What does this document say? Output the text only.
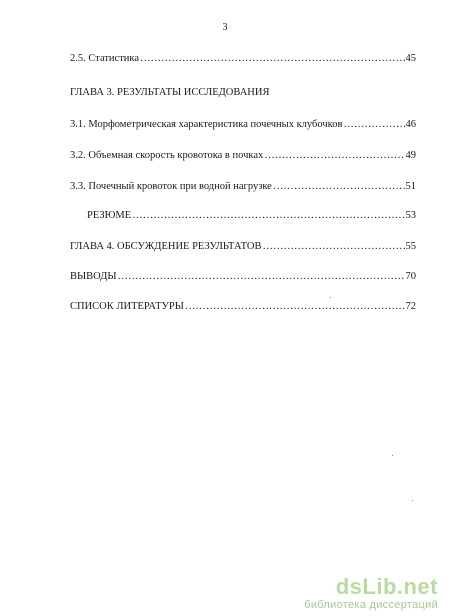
3
2.5. Статистика ……………………………………………………………………………………………………………………………………………………………	45
ГЛАВА 3. РЕЗУЛЬТАТЫ ИССЛЕДОВАНИЯ
3.1. Морфометрическая характеристика почечных клубочков ……………………………………………………………………………………………………………………………………………………………	46
3.2. Объемная скорость кровотока в почках ……………………………………………………………………………………………………………………………………………………………	49
3.3. Почечный кровоток при водной нагрузке ……………………………………………………………………………………………………………………………………………………………	51
РЕЗЮМЕ ……………………………………………………………………………………………………………………………………………………………	53
ГЛАВА 4. ОБСУЖДЕНИЕ РЕЗУЛЬТАТОВ ……………………………………………………………………………………………………………………………………………………………	55
ВЫВОДЫ ……………………………………………………………………………………………………………………………………………………………	70
СПИСОК ЛИТЕРАТУРЫ ……………………………………………………………………………………………………………………………………………………………	72
dsLib.net
библиотека диссертаций
